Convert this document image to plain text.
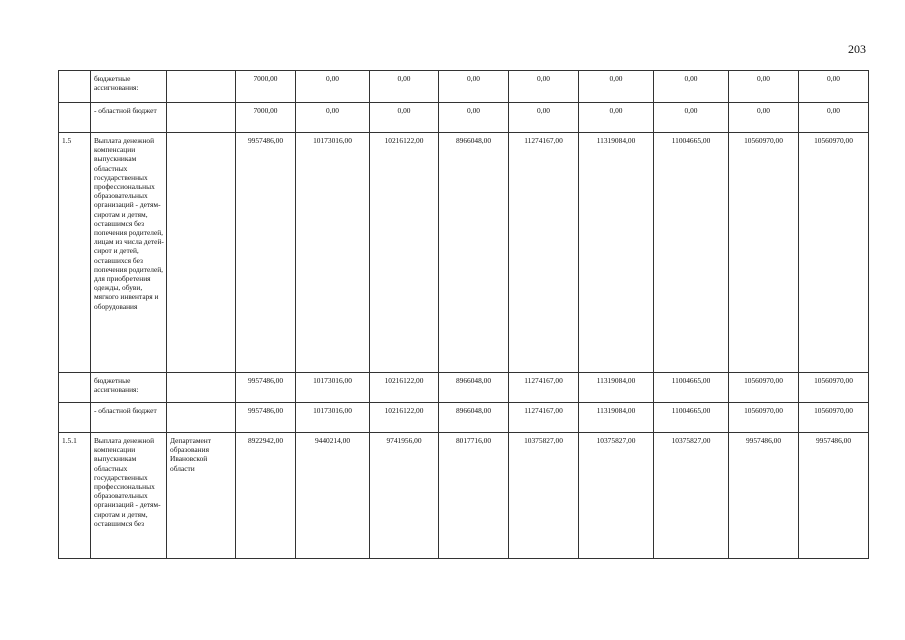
203
	бюджетные ассигнования:		7000,00	0,00	0,00	0,00	0,00	0,00	0,00	0,00	0,00
	- областной бюджет		7000,00	0,00	0,00	0,00	0,00	0,00	0,00	0,00	0,00
1.5	Выплата денежной компенсации выпускникам областных государственных профессиональных образовательных организаций - детям-сиротам и детям, оставшимся без попечения родителей, лицам из числа детей-сирот и детей, оставшихся без попечения родителей, для приобретения одежды, обуви, мягкого инвентаря и оборудования		9957486,00	10173016,00	10216122,00	8966048,00	11274167,00	11319084,00	11004665,00	10560970,00	10560970,00
	бюджетные ассигнования:		9957486,00	10173016,00	10216122,00	8966048,00	11274167,00	11319084,00	11004665,00	10560970,00	10560970,00
	- областной бюджет		9957486,00	10173016,00	10216122,00	8966048,00	11274167,00	11319084,00	11004665,00	10560970,00	10560970,00
1.5.1	Выплата денежной компенсации выпускникам областных государственных профессиональных образовательных организаций - детям-сиротам и детям, оставшимся без	Департамент образования Ивановской области	8922942,00	9440214,00	9741956,00	8017716,00	10375827,00	10375827,00	10375827,00	9957486,00	9957486,00
